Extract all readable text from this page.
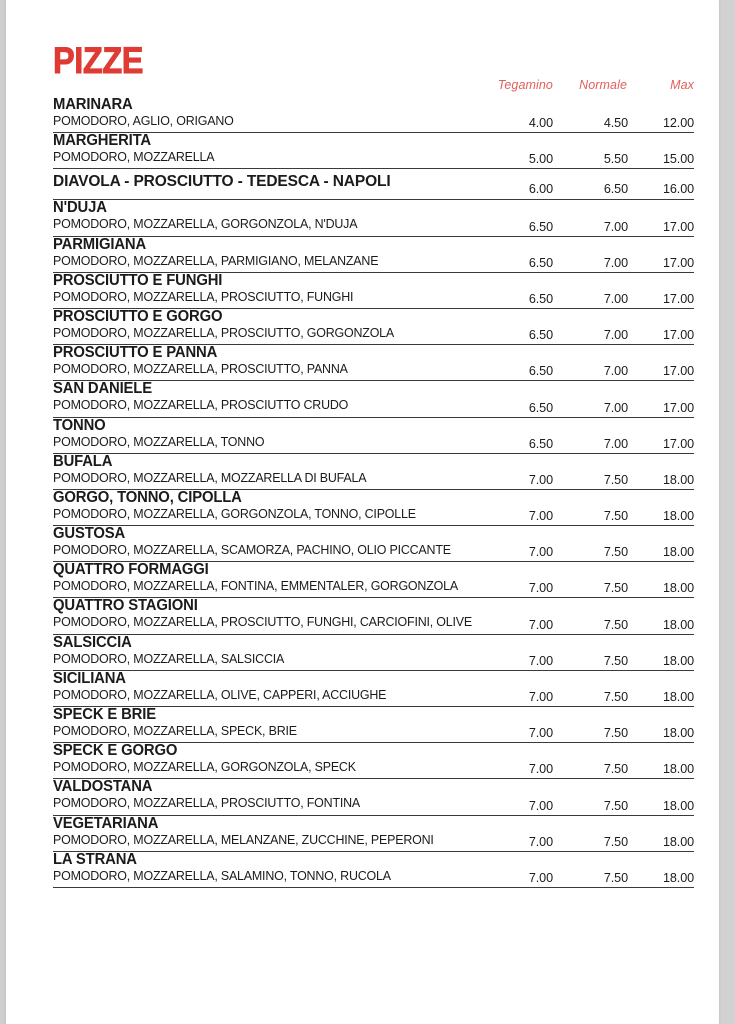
PIZZE
Tegamino Normale	Max
MARINARA
POMODORO, AGLIO, ORIGANO	4.00	4.50	12.00
MARGHERITA
POMODORO, MOZZARELLA	5.00	5.50	15.00
DIAVOLA - PROSCIUTTO - TEDESCA - NAPOLI	6.00	6.50	16.00
N'DUJA
POMODORO, MOZZARELLA, GORGONZOLA, N'DUJA	6.50	7.00	17.00
PARMIGIANA
POMODORO, MOZZARELLA, PARMIGIANO, MELANZANE	6.50	7.00	17.00
PROSCIUTTO E FUNGHI
POMODORO, MOZZARELLA, PROSCIUTTO, FUNGHI	6.50	7.00	17.00
PROSCIUTTO E GORGO
POMODORO, MOZZARELLA, PROSCIUTTO, GORGONZOLA	6.50	7.00	17.00
PROSCIUTTO E PANNA
POMODORO, MOZZARELLA, PROSCIUTTO, PANNA	6.50	7.00	17.00
SAN DANIELE
POMODORO, MOZZARELLA, PROSCIUTTO CRUDO	6.50	7.00	17.00
TONNO
POMODORO, MOZZARELLA, TONNO	6.50	7.00	17.00
BUFALA
POMODORO, MOZZARELLA, MOZZARELLA DI BUFALA	7.00	7.50	18.00
GORGO, TONNO, CIPOLLA
POMODORO, MOZZARELLA, GORGONZOLA, TONNO, CIPOLLE	7.00	7.50	18.00
GUSTOSA
POMODORO, MOZZARELLA, SCAMORZA, PACHINO, OLIO PICCANTE	7.00	7.50	18.00
QUATTRO FORMAGGI
POMODORO, MOZZARELLA, FONTINA, EMMENTALER, GORGONZOLA	7.00	7.50	18.00
QUATTRO STAGIONI
POMODORO, MOZZARELLA, PROSCIUTTO, FUNGHI, CARCIOFINI, OLIVE	7.00	7.50	18.00
SALSICCIA
POMODORO, MOZZARELLA, SALSICCIA	7.00	7.50	18.00
SICILIANA
POMODORO, MOZZARELLA, OLIVE, CAPPERI, ACCIUGHE	7.00	7.50	18.00
SPECK E BRIE
POMODORO, MOZZARELLA, SPECK, BRIE	7.00	7.50	18.00
SPECK E GORGO
POMODORO, MOZZARELLA, GORGONZOLA, SPECK	7.00	7.50	18.00
VALDOSTANA
POMODORO, MOZZARELLA, PROSCIUTTO, FONTINA	7.00	7.50	18.00
VEGETARIANA
POMODORO, MOZZARELLA, MELANZANE, ZUCCHINE, PEPERONI	7.00	7.50	18.00
LA STRANA
POMODORO, MOZZARELLA, SALAMINO, TONNO, RUCOLA	7.00	7.50	18.00
